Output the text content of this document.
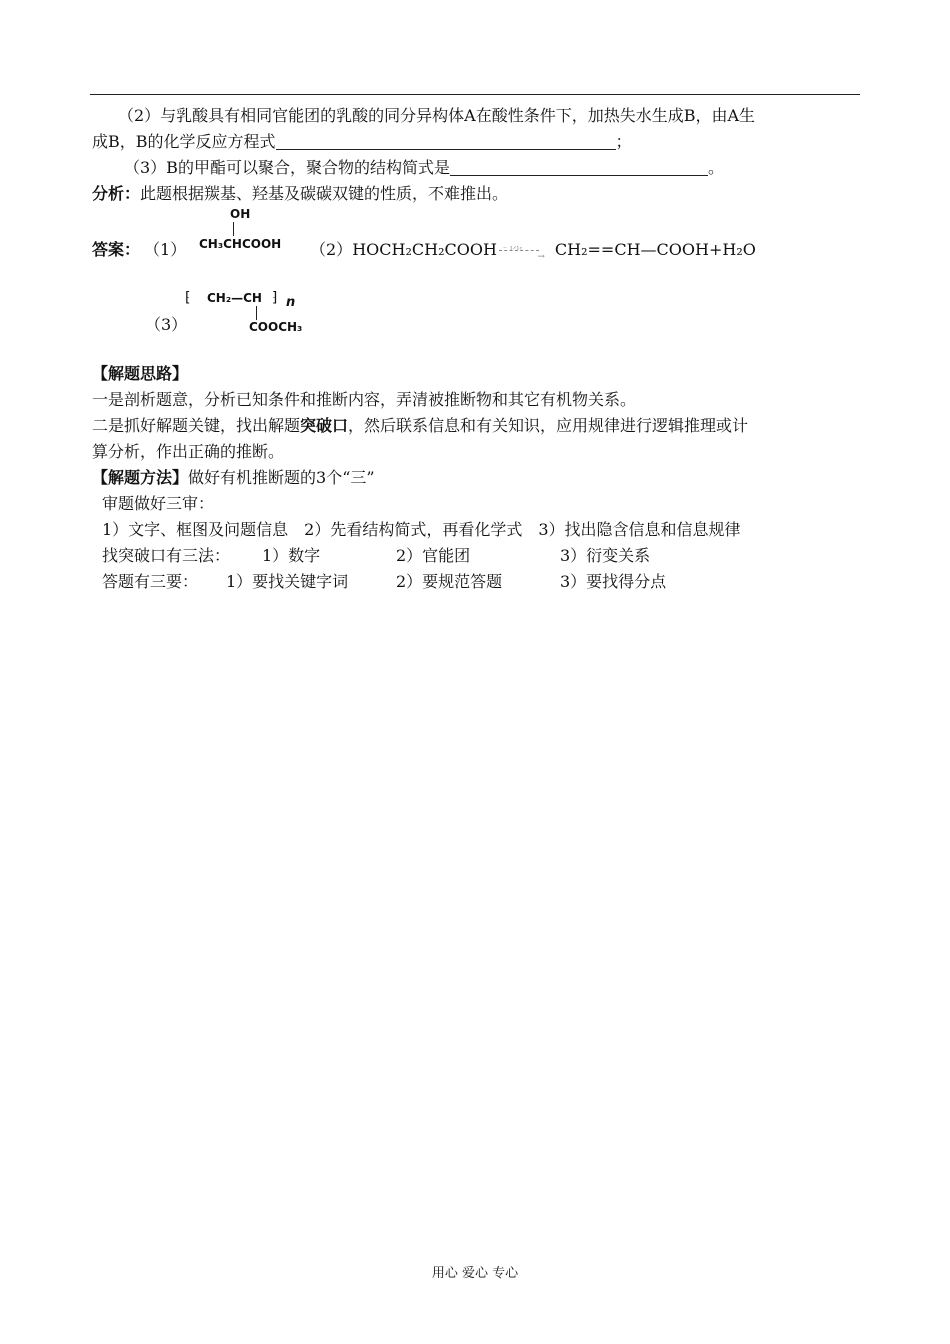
（2）与乳酸具有相同官能团的乳酸的同分异构体A在酸性条件下，加热失水生成B，由A生
成B，B的化学反应方程式	；
（3）B的甲酯可以聚合，聚合物的结构简式是	。
分析：此题根据羰基、羟基及碳碳双键的性质，不难推出。
OH
CH₃CHCOOH
答案： （1）	（2）HOCH₂CH₂COOH ⁻ ¹ᐟ¹ᶜ
→ CH₂==CH—COOH+H₂O
⁅ CH₂—CH ⁆ n
COOCH₃
（3）
【解题思路】
一是剖析题意，分析已知条件和推断内容，弄清被推断物和其它有机物关系。
二是抓好解题关键，找出解题突破口，然后联系信息和有关知识，应用规律进行逻辑推理或计
算分析，作出正确的推断。
【解题方法】做好有机推断题的3个“三”
审题做好三审：
1）文字、框图及问题信息　2）先看结构简式，再看化学式　3）找出隐含信息和信息规律
找突破口有三法： 1）数字	2）官能团	3）衍变关系
答题有三要： 1）要找关键字词	2）要规范答题	3）要找得分点
用心 爱心 专心
